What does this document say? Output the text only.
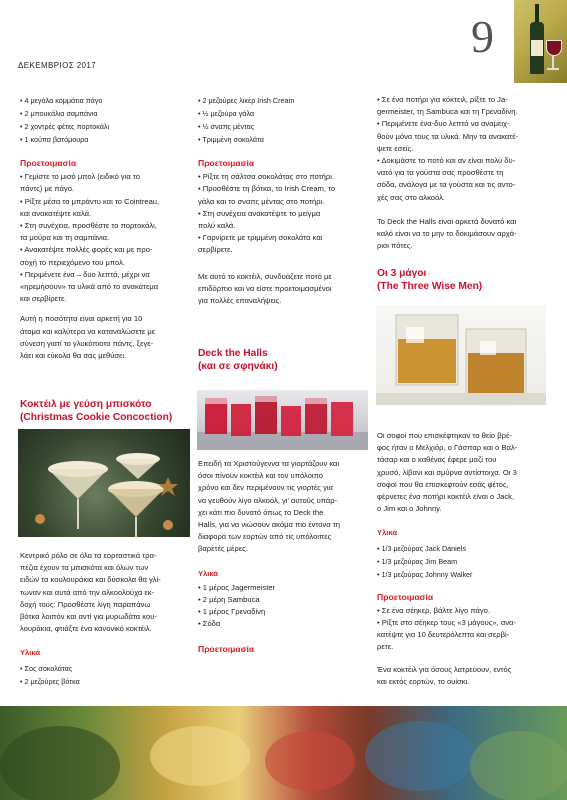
ΔΕΚΕΜΒΡΙΟΣ 2017
9
• 4 μεγάλα κομμάτια πάγο
• 2 μπουκάλια σαμπάνια
• 2 χοντρές φέτες πορτοκάλι
• 1 κούπα βατόμουρα
Προετοιμασία
• Γεμίστε το μισό μπολ (ειδικό για το
πάντς) με πάγο.
• Ρίξτε μέσα το μπράντυ και το Cointreau,
και ανακατέψτε καλά.
• Στη συνέχεια, προσθέστε το πορτοκάλι,
τα μούρα και τη σαμπάνια.
• Ανακατέψτε πολλές φορές και με προ-
σοχή το περιεχόμενο του μπολ.
• Περιμένετε ένα – δυο λεπτά, μέχρι να
«ηρεμήσουν» τα υλικά από το ανακάτεμα
και σερβίρετε.
Αυτή η ποσότητα είναι αρκετή για 10
άτομα και καλύτερα να καταναλώσετε με
σύνεση γιατί το γλυκόπιοτο πάντς, ξεγε-
λάει και εύκολα θα σας μεθύσει.
Κοκτέιλ με γεύση μπισκότο
(Christmas Cookie Concoction)
Κεντρικό ρόλο σε όλα τα εορταστικά τρα-
πέζια έχουν τα μπισκότα και όλων των
ειδών τα κουλουράκια και δύσκολα θα γλί-
τωναν και αυτά από την αλκοολούχα εκ-
δοχή τους: Προσθέστε λίγη παραπάνω
βότκα λοιπόν και αντί για μυρωδάτα κου-
λουράκια, φτιάξτε ένα κανονικό κοκτέιλ.
Υλικά
• Σος σοκολάτας
• 2 μεζούρες βότκα
• 2 μεζούρες λικέρ Irish Cream
• ½ μεζούρα γάλα
• ½ σναπς μέντας
• Τριμμένη σοκολάτα
Προετοιμασία
• Ρίξτε τη σάλτσα σοκολάτας στο ποτήρι.
• Προσθέστε τη βότκα, το Irish Cream, το
γάλα και το σναπς μέντας στο ποτήρι.
• Στη συνέχεια ανακατέψτε το μείγμα
πολύ καλά.
• Γαρνίρετε με τριμμένη σοκολάτα και
σερβίρετε.
Με αυτό το κοκτέιλ, συνδυάζετε ποτό με
επιδόρπιο και να είστε προετοιμασμένοι
για πολλές επαναλήψεις.
Deck the Halls
(και σε σφηνάκι)
Επειδή τα Χριστούγεννα τα γιορτάζουν και
όσοι πίνουν κοκτέιλ και τον υπόλοιπο
χρόνο και δεν περιμένουν τις γιορτές για
να γευθούν λίγο αλκοόλ, γι' αυτούς υπάρ-
χει κάτι πιο δυνατό όπως το Deck the
Halls, για να νιώσουν ακόμα πιο έντονα τη
διαφορά των εορτών από τις υπόλοιπες
βαρετές μέρες.
Υλικά
• 1 μέρος Jagermeister
• 2 μέρη Sambuca
• 1 μέρος Γρεναδίνη
• Σόδα
Προετοιμασία
• Σε ένα ποτήρι για κόκτειλ, ρίξτε το Ja-
germeister, τη Sambuca και τη Γρεναδίνη.
• Περιμένετε ένα-δυο λεπτά να αναμειχ-
θούν μόνα τους τα υλικά. Μην τα ανακατέ-
ψετε εσείς.
• Δοκιμάστε το ποτό και αν είναι πολύ δυ-
νατό για τα γούστα σας προσθέστε τη
σόδα, ανάλογα με τα γούστα και τις αντο-
χές σας στο αλκοόλ.
Το Deck the Halls είναι αρκετά δυνατό και
καλό είναι να το μην το δοκιμάσουν αρχά-
ριοι πότες.
Οι 3 μάγοι
(The Three Wise Men)
Οι σοφοί που επισκέφτηκαν το θείο βρέ-
φος ήταν ο Μελχιόρ, ο Γάσπαρ και ο Βαλ-
τάσαρ και ο καθένας έφερε μαζί του
χρυσό, λίβανι και σμύρνα αντίστοιχα. Οι 3
σοφοί που θα επισκεφτούν εσάς φέτος,
φέρνετες ένα ποτήρι κοκτέιλ είναι ο Jack,
ο Jim και ο Johnny.
Υλικά
• 1/3 μεζούρας Jack Daniels
• 1/3 μεζούρας Jim Beam
• 1/3 μεζούρας Johnny Walker
Προετοιμασία
• Σε ένα σέηκερ, βάλτε λίγο πάγο.
• Ρίξτε στο σέηκερ τους «3 μάγους», ανα-
κατέψτε για 10 δευτερόλεπτα και σερβί-
ρετε.
Ένα κοκτέιλ για όσους λατρεύουν, εντός
και εκτός εορτών, το ουίσκι.
